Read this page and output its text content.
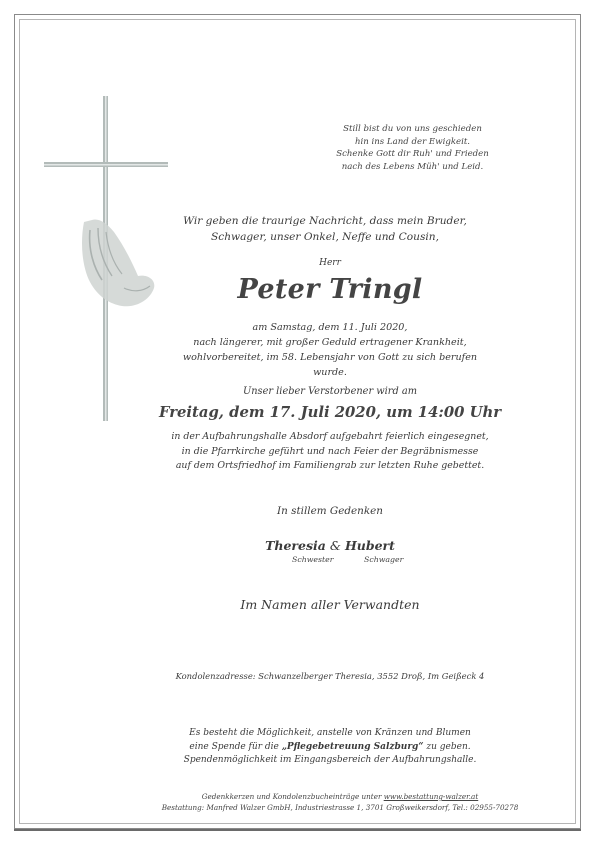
Still bist du von uns geschieden
hin ins Land der Ewigkeit.
Schenke Gott dir Ruh' und Frieden
nach des Lebens Müh' und Leid.
Wir geben die traurige Nachricht, dass mein Bruder,
Schwager, unser Onkel, Neffe und Cousin,
Herr
Peter Tringl
am Samstag, dem 11. Juli 2020,
nach längerer, mit großer Geduld ertragener Krankheit,
wohlvorbereitet, im 58. Lebensjahr von Gott zu sich berufen wurde.
Unser lieber Verstorbener wird am
Freitag, dem 17. Juli 2020, um 14:00 Uhr
in der Aufbahrungshalle Absdorf aufgebahrt feierlich eingesegnet,
in die Pfarrkirche geführt und nach Feier der Begräbnismesse
auf dem Ortsfriedhof im Familiengrab zur letzten Ruhe gebettet.
In stillem Gedenken
Theresia & Hubert
Schwester	Schwager
Im Namen aller Verwandten
Kondolenzadresse: Schwanzelberger Theresia, 3552 Droß, Im Geißeck 4
Es besteht die Möglichkeit, anstelle von Kränzen und Blumen
eine Spende für die „Pflegebetreuung Salzburg“ zu geben.
Spendenmöglichkeit im Eingangsbereich der Aufbahrungshalle.
Gedenkkerzen und Kondolenzbucheinträge unter www.bestattung-walzer.at
Bestattung: Manfred Walzer GmbH, Industriestrasse 1, 3701 Großweikersdorf, Tel.: 02955-70278
